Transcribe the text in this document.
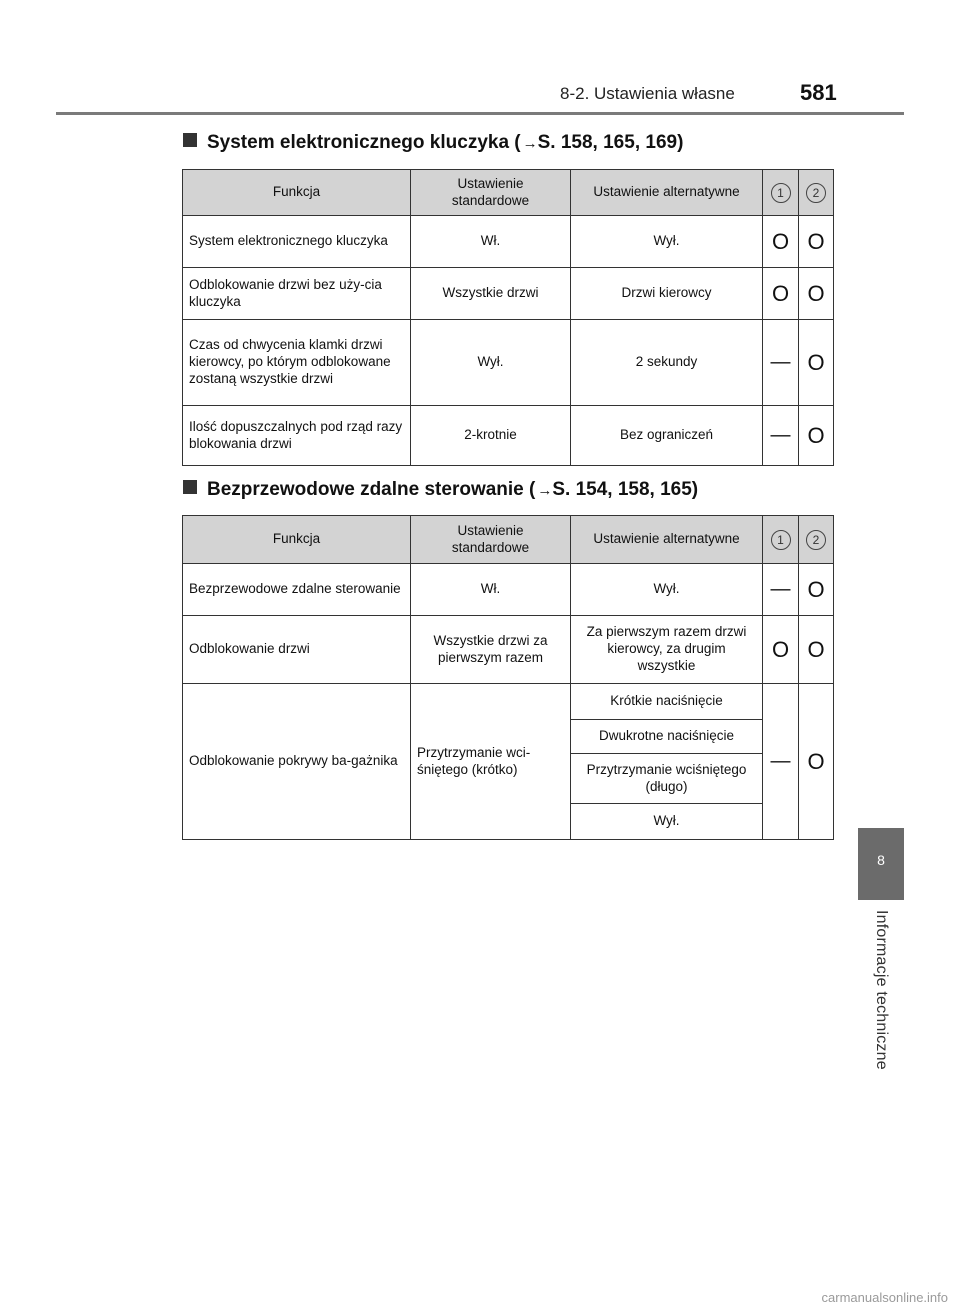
8-2. Ustawienia własne	581
8
Informacje techniczne
System elektronicznego kluczyka ( →S. 158, 165, 169)
Funkcja	Ustawienie standardowe	Ustawienie alternatywne	1	2
System elektronicznego kluczyka	Wł.	Wył.	O	O
Odblokowanie drzwi bez uży-cia kluczyka	Wszystkie drzwi	Drzwi kierowcy	O	O
Czas od chwycenia klamki drzwi kierowcy, po którym odblokowane zostaną wszystkie drzwi	Wył.	2 sekundy	—	O
Ilość dopuszczalnych pod rząd razy blokowania drzwi	2-krotnie	Bez ograniczeń	—	O
Bezprzewodowe zdalne sterowanie ( →S. 154, 158, 165)
Funkcja	Ustawienie standardowe	Ustawienie alternatywne	1	2
Bezprzewodowe zdalne sterowanie	Wł.	Wył.	—	O
Odblokowanie drzwi	Wszystkie drzwi za pierwszym razem	Za pierwszym razem drzwi kierowcy, za drugim wszystkie	O	O
Odblokowanie pokrywy ba-gażnika	Przytrzymanie wci-śniętego (krótko)	Krótkie naciśnięcie	—	O
		Dwukrotne naciśnięcie		
		Przytrzymanie wciśniętego (długo)		
		Wył.		
carmanualsonline.info
